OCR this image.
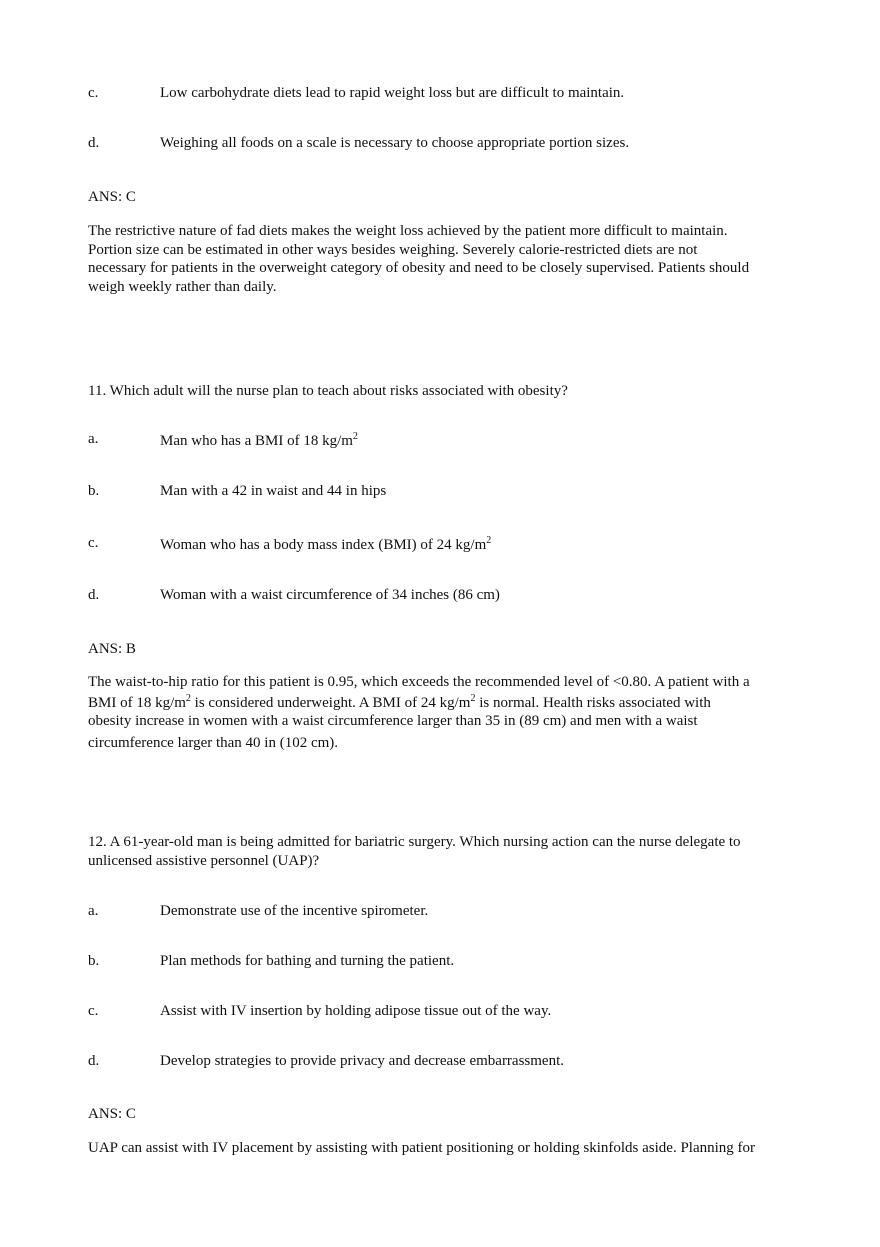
c.	Low carbohydrate diets lead to rapid weight loss but are difficult to maintain.
d.	Weighing all foods on a scale is necessary to choose appropriate portion sizes.
ANS: C
The restrictive nature of fad diets makes the weight loss achieved by the patient more difficult to maintain.
Portion size can be estimated in other ways besides weighing. Severely calorie-restricted diets are not
necessary for patients in the overweight category of obesity and need to be closely supervised. Patients should
weigh weekly rather than daily.
11. Which adult will the nurse plan to teach about risks associated with obesity?
a.	Man who has a BMI of 18 $kg/m^2$
b.	Man with a 42 in waist and 44 in hips
c.	Woman who has a body mass index (BMI) of 24 $kg/m^2$
d.	Woman with a waist circumference of 34 inches (86 cm)
ANS: B
The waist-to-hip ratio for this patient is 0.95, which exceeds the recommended level of <0.80. A patient with a
BMI of 18 $kg/m^2$ is considered underweight. A BMI of 24 $kg/m^2$ is normal. Health risks associated with
obesity increase in women with a waist circumference larger than 35 in (89 cm) and men with a waist
circumference larger than 40 in (102 cm).
12. A 61-year-old man is being admitted for bariatric surgery. Which nursing action can the nurse delegate to
unlicensed assistive personnel (UAP)?
a.	Demonstrate use of the incentive spirometer.
b.	Plan methods for bathing and turning the patient.
c.	Assist with IV insertion by holding adipose tissue out of the way.
d.	Develop strategies to provide privacy and decrease embarrassment.
ANS: C
UAP can assist with IV placement by assisting with patient positioning or holding skinfolds aside. Planning for
